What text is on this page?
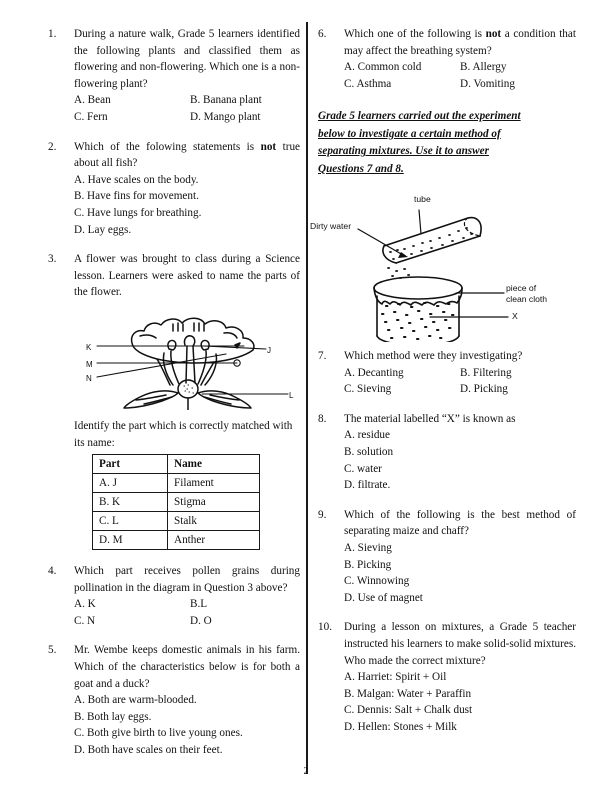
1.	During a nature walk, Grade 5 learners identified the following plants and classified them as flowering and non-flowering. Which one is a non-flowering plant?
A. Bean	B. Banana plant
C. Fern	D. Mango plant
2.	Which of the folowing statements is not true about all fish?
A. Have scales on the body.
B. Have fins for movement.
C. Have lungs for breathing.
D. Lay eggs.
3.	A flower was brought to class during a Science lesson. Learners were asked to name the parts of the flower.
K
M
N
J
L
Identify the part which is correctly matched with its name:
Part	Name
A. J	Filament
B. K	Stigma
C. L	Stalk
D. M	Anther
4.	Which part receives pollen grains during pollination in the diagram in Question 3 above?
A. K	B.L
C. N	D. O
5.	Mr. Wembe keeps domestic animals in his farm. Which of the characteristics below is for both a goat and a duck?
A. Both are warm-blooded.
B. Both lay eggs.
C. Both give birth to live young ones.
D. Both have scales on their feet.
6.	Which one of the following is not a condition that may affect the breathing system?
A. Common cold	B. Allergy
C. Asthma	D. Vomiting
Grade 5 learners carried out the experiment
below to investigate a certain method of
separating mixtures. Use it to answer
Questions 7 and 8.
tube
Dirty water
piece of
clean cloth
X
7.	Which method were they investigating?
A. Decanting	B. Filtering
C. Sieving	D. Picking
8.	The material labelled “X” is known as
A. residue
B. solution
C. water
D. filtrate.
9.	Which of the following is the best method of separating maize and chaff?
A. Sieving
B. Picking
C. Winnowing
D. Use of magnet
10.	During a lesson on mixtures, a Grade 5 teacher instructed his learners to make solid-solid mixtures. Who made the correct mixture?
A. Harriet: Spirit + Oil
B. Malgan: Water + Paraffin
C. Dennis: Salt + Chalk dust
D. Hellen: Stones + Milk
2
